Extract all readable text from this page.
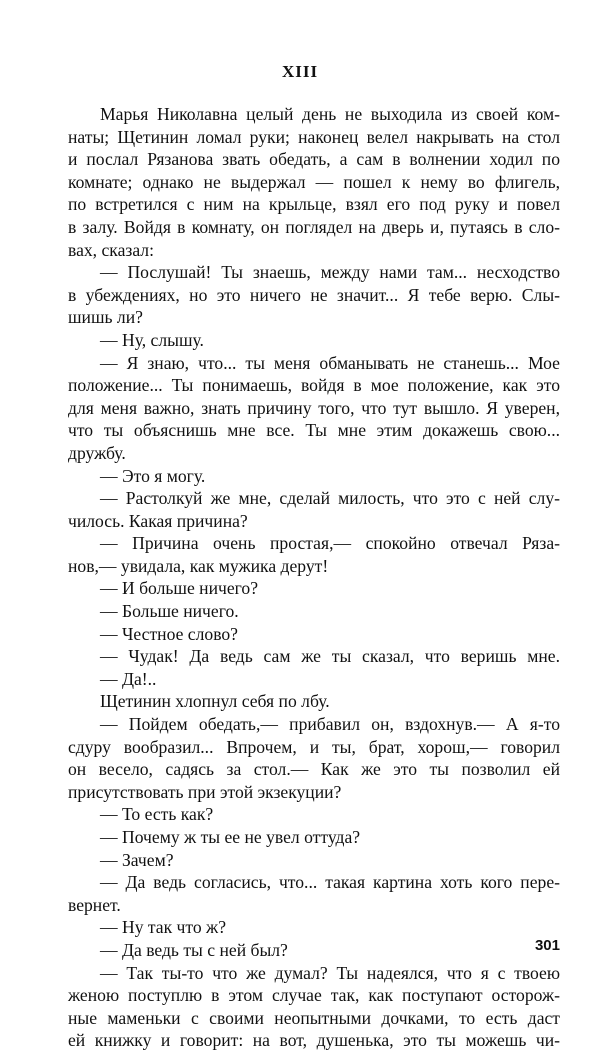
XIII
Марья Николавна целый день не выходила из своей ком-
наты; Щетинин ломал руки; наконец велел накрывать на стол
и послал Рязанова звать обедать, а сам в волнении ходил по
комнате; однако не выдержал — пошел к нему во флигель,
по встретился с ним на крыльце, взял его под руку и повел
в залу. Войдя в комнату, он поглядел на дверь и, путаясь в сло-
вах, сказал:
— Послушай! Ты знаешь, между нами там... несходство
в убеждениях, но это ничего не значит... Я тебе верю. Слы-
шишь ли?
— Ну, слышу.
— Я знаю, что... ты меня обманывать не станешь... Мое
положение... Ты понимаешь, войдя в мое положение, как это
для меня важно, знать причину того, что тут вышло. Я уверен,
что ты объяснишь мне все. Ты мне этим докажешь свою...
дружбу.
— Это я могу.
— Растолкуй же мне, сделай милость, что это с ней слу-
чилось. Какая причина?
— Причина очень простая,— спокойно отвечал Ряза-
нов,— увидала, как мужика дерут!
— И больше ничего?
— Больше ничего.
— Честное слово?
— Чудак! Да ведь сам же ты сказал, что веришь мне.
— Да!..
Щетинин хлопнул себя по лбу.
— Пойдем обедать,— прибавил он, вздохнув.— А я-то
сдуру вообразил... Впрочем, и ты, брат, хорош,— говорил
он весело, садясь за стол.— Как же это ты позволил ей
присутствовать при этой экзекуции?
— То есть как?
— Почему ж ты ее не увел оттуда?
— Зачем?
— Да ведь согласись, что... такая картина хоть кого пере-
вернет.
— Ну так что ж?
— Да ведь ты с ней был?
— Так ты-то что же думал? Ты надеялся, что я с твоею
женою поступлю в этом случае так, как поступают осторож-
ные маменьки с своими неопытными дочками, то есть даст
ей книжку и говорит: на вот, душенька, это ты можешь чи-
301
